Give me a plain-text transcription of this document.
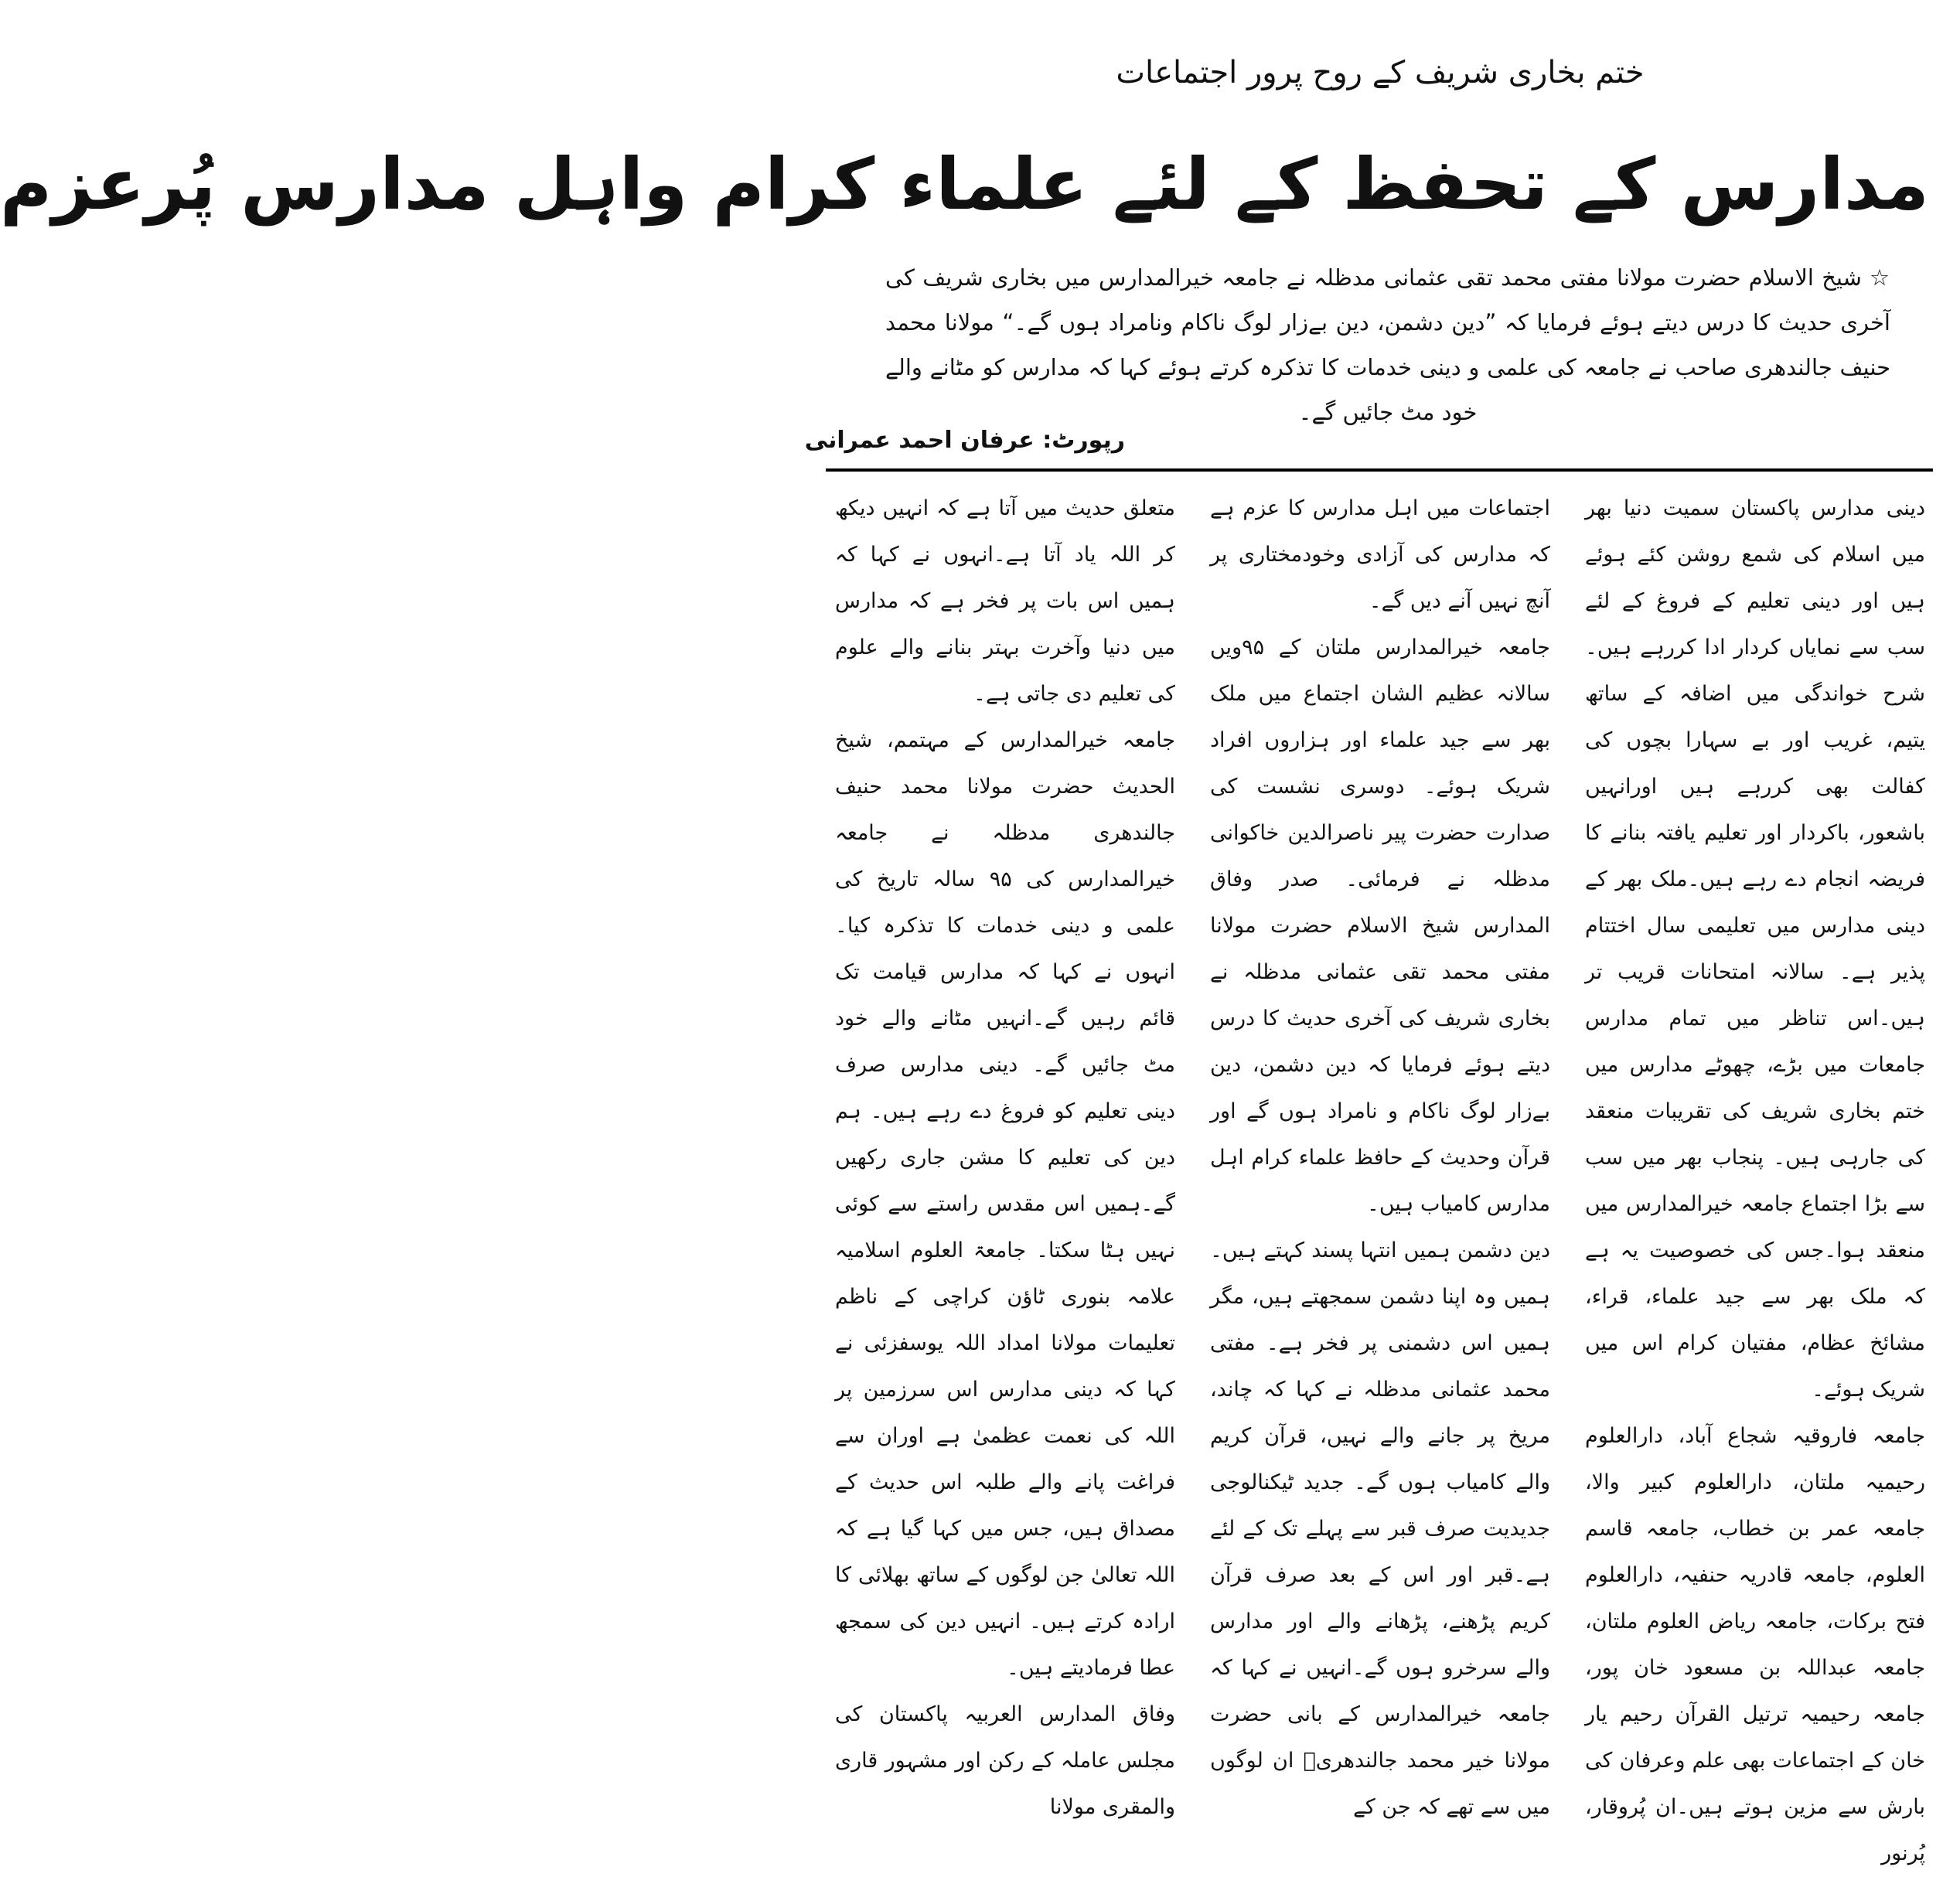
ختم بخاری شریف کے روح پرور اجتماعات
مدارس کے تحفظ کے لئے علماء کرام واہل مدارس پُرعزم
☆شیخ الاسلام حضرت مولانا مفتی محمد تقی عثمانی مدظلہ نے جامعہ خیرالمدارس میں بخاری شریف کی آخری حدیث کا درس دیتے ہوئے فرمایا کہ ”دین دشمن، دین بےزار لوگ ناکام ونامراد ہوں گے۔“ مولانا محمد حنیف جالندھری صاحب نے جامعہ کی علمی و دینی خدمات کا تذکرہ کرتے ہوئے کہا کہ مدارس کو مٹانے والے خود مٹ جائیں گے۔
رپورٹ: عرفان احمد عمرانی

دینی مدارس پاکستان سمیت دنیا بھر میں اسلام کی شمع روشن کئے ہوئے ہیں اور دینی تعلیم کے فروغ کے لئے سب سے نمایاں کردار ادا کررہے ہیں۔شرح خواندگی میں اضافہ کے ساتھ یتیم، غریب اور بے سہارا بچوں کی کفالت بھی کررہے ہیں اورانہیں باشعور، باکردار اور تعلیم یافتہ بنانے کا فریضہ انجام دے رہے ہیں۔ملک بھر کے دینی مدارس میں تعلیمی سال اختتام پذیر ہے۔ سالانہ امتحانات قریب تر ہیں۔اس تناظر میں تمام مدارس جامعات میں بڑے، چھوٹے مدارس میں ختم بخاری شریف کی تقریبات منعقد کی جارہی ہیں۔ پنجاب بھر میں سب سے بڑا اجتماع جامعہ خیرالمدارس میں منعقد ہوا۔جس کی خصوصیت یہ ہے کہ ملک بھر سے جید علماء، قراء، مشائخ عظام، مفتیان کرام اس میں شریک ہوئے۔

جامعہ فاروقیہ شجاع آباد، دارالعلوم رحیمیہ ملتان، دارالعلوم کبیر والا، جامعہ عمر بن خطاب، جامعہ قاسم العلوم، جامعہ قادریہ حنفیہ، دارالعلوم فتح برکات، جامعہ ریاض العلوم ملتان، جامعہ عبداللہ بن مسعود خان پور، جامعہ رحیمیہ ترتیل القرآن رحیم یار خان کے اجتماعات بھی علم وعرفان کی بارش سے مزین ہوتے ہیں۔ان پُروقار، پُرنور

اجتماعات میں اہل مدارس کا عزم ہے کہ مدارس کی آزادی وخودمختاری پر آنچ نہیں آنے دیں گے۔

جامعہ خیرالمدارس ملتان کے ۹۵ویں سالانہ عظیم الشان اجتماع میں ملک بھر سے جید علماء اور ہزاروں افراد شریک ہوئے۔ دوسری نشست کی صدارت حضرت پیر ناصرالدین خاکوانی مدظلہ نے فرمائی۔ صدر وفاق المدارس شیخ الاسلام حضرت مولانا مفتی محمد تقی عثمانی مدظلہ نے بخاری شریف کی آخری حدیث کا درس دیتے ہوئے فرمایا کہ دین دشمن، دین بےزار لوگ ناکام و نامراد ہوں گے اور قرآن وحدیث کے حافظ علماء کرام اہل مدارس کامیاب ہیں۔

دین دشمن ہمیں انتہا پسند کہتے ہیں۔ہمیں وہ اپنا دشمن سمجھتے ہیں، مگر ہمیں اس دشمنی پر فخر ہے۔ مفتی محمد عثمانی مدظلہ نے کہا کہ چاند، مریخ پر جانے والے نہیں، قرآن کریم والے کامیاب ہوں گے۔ جدید ٹیکنالوجی جدیدیت صرف قبر سے پہلے تک کے لئے ہے۔قبر اور اس کے بعد صرف قرآن کریم پڑھنے، پڑھانے والے اور مدارس والے سرخرو ہوں گے۔انہیں نے کہا کہ جامعہ خیرالمدارس کے بانی حضرت مولانا خیر محمد جالندھریؒ ان لوگوں میں سے تھے کہ جن کے

متعلق حدیث میں آتا ہے کہ انہیں دیکھ کر اللہ یاد آتا ہے۔انہوں نے کہا کہ ہمیں اس بات پر فخر ہے کہ مدارس میں دنیا وآخرت بہتر بنانے والے علوم کی تعلیم دی جاتی ہے۔

جامعہ خیرالمدارس کے مہتمم، شیخ الحدیث حضرت مولانا محمد حنیف جالندھری مدظلہ نے جامعہ خیرالمدارس کی ۹۵ سالہ تاریخ کی علمی و دینی خدمات کا تذکرہ کیا۔انہوں نے کہا کہ مدارس قیامت تک قائم رہیں گے۔انہیں مٹانے والے خود مٹ جائیں گے۔ دینی مدارس صرف دینی تعلیم کو فروغ دے رہے ہیں۔ ہم دین کی تعلیم کا مشن جاری رکھیں گے۔ہمیں اس مقدس راستے سے کوئی نہیں ہٹا سکتا۔ جامعۃ العلوم اسلامیہ علامہ بنوری ٹاؤن کراچی کے ناظم تعلیمات مولانا امداد اللہ یوسفزئی نے کہا کہ دینی مدارس اس سرزمین پر اللہ کی نعمت عظمیٰ ہے اوران سے فراغت پانے والے طلبہ اس حدیث کے مصداق ہیں، جس میں کہا گیا ہے کہ اللہ تعالیٰ جن لوگوں کے ساتھ بھلائی کا ارادہ کرتے ہیں۔ انہیں دین کی سمجھ عطا فرمادیتے ہیں۔

وفاق المدارس العربیہ پاکستان کی مجلس عاملہ کے رکن اور مشہور قاری والمقری مولانا
